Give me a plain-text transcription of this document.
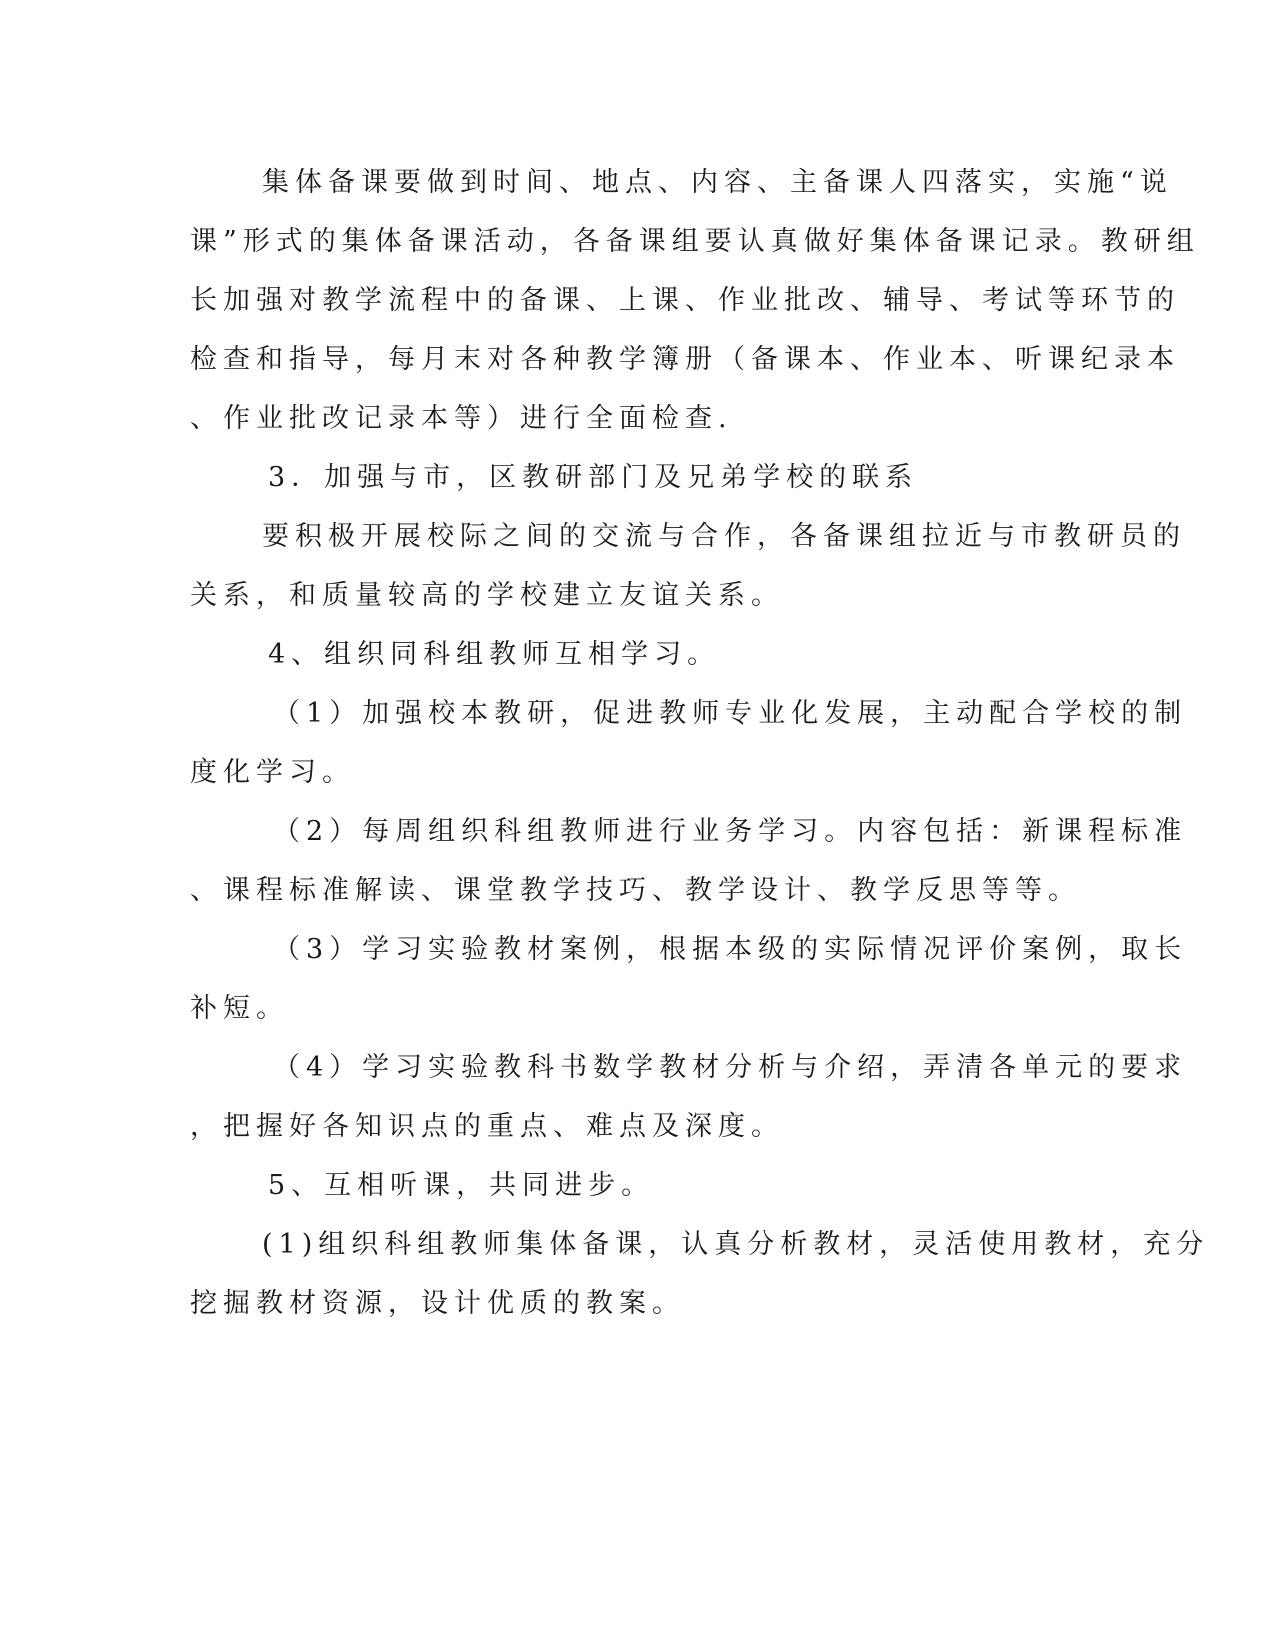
集体备课要做到时间、地点、内容、主备课人四落实，实施“说
课”形式的集体备课活动，各备课组要认真做好集体备课记录。教研组
长加强对教学流程中的备课、上课、作业批改、辅导、考试等环节的
检查和指导，每月末对各种教学簿册（备课本、作业本、听课纪录本
、作业批改记录本等）进行全面检查.
3．加强与市，区教研部门及兄弟学校的联系
要积极开展校际之间的交流与合作，各备课组拉近与市教研员的
关系，和质量较高的学校建立友谊关系。
4、组织同科组教师互相学习。
（1）加强校本教研，促进教师专业化发展，主动配合学校的制
度化学习。
（2）每周组织科组教师进行业务学习。内容包括：新课程标准
、课程标准解读、课堂教学技巧、教学设计、教学反思等等。
（3）学习实验教材案例，根据本级的实际情况评价案例，取长
补短。
（4）学习实验教科书数学教材分析与介绍，弄清各单元的要求
，把握好各知识点的重点、难点及深度。
5、互相听课，共同进步。
(1)组织科组教师集体备课，认真分析教材，灵活使用教材，充分
挖掘教材资源，设计优质的教案。
